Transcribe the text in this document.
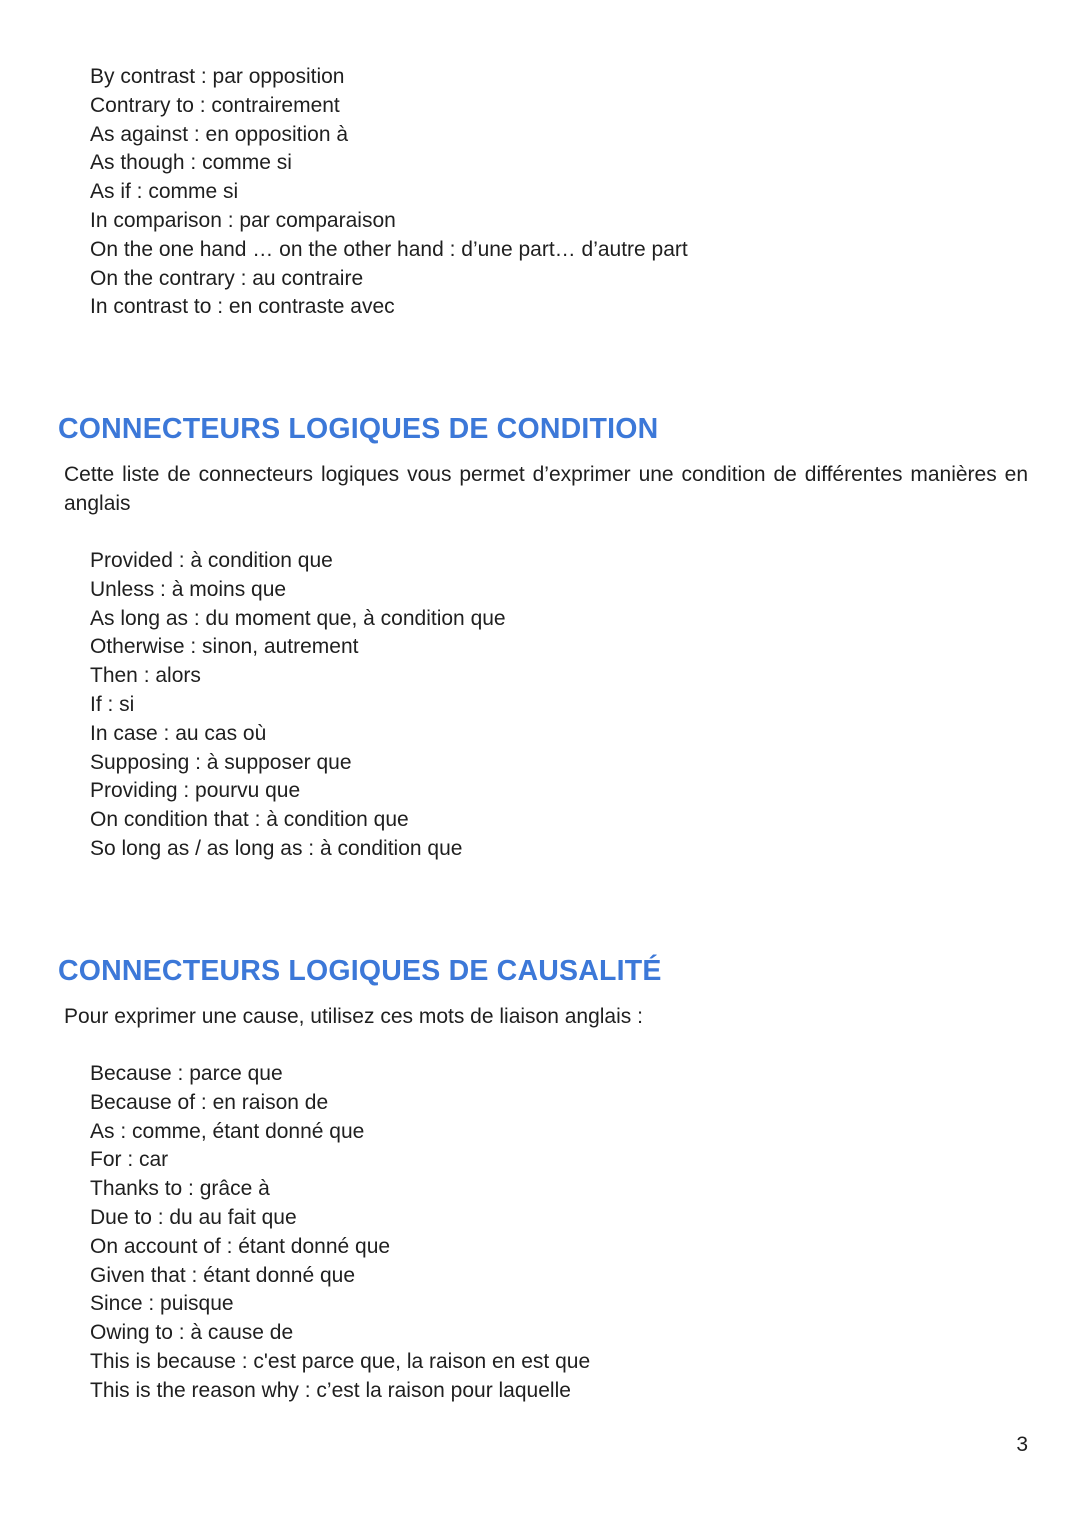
By contrast : par opposition
Contrary to : contrairement
As against : en opposition à
As though : comme si
As if : comme si
In comparison : par comparaison
On the one hand … on the other hand : d’une part… d’autre part
On the contrary : au contraire
In contrast to : en contraste avec
CONNECTEURS LOGIQUES DE CONDITION

Cette liste de connecteurs logiques vous permet d’exprimer une condition de différentes manières en anglais

Provided : à condition que
Unless : à moins que
As long as : du moment que, à condition que
Otherwise : sinon, autrement
Then : alors
If : si
In case : au cas où
Supposing : à supposer que
Providing : pourvu que
On condition that : à condition que
So long as / as long as : à condition que
CONNECTEURS LOGIQUES DE CAUSALITÉ

Pour exprimer une cause, utilisez ces mots de liaison anglais :

Because : parce que
Because of : en raison de
As : comme, étant donné que
For : car
Thanks to : grâce à
Due to : du au fait que
On account of : étant donné que
Given that : étant donné que
Since : puisque
Owing to : à cause de
This is because : c'est parce que, la raison en est que
This is the reason why : c’est la raison pour laquelle
3
